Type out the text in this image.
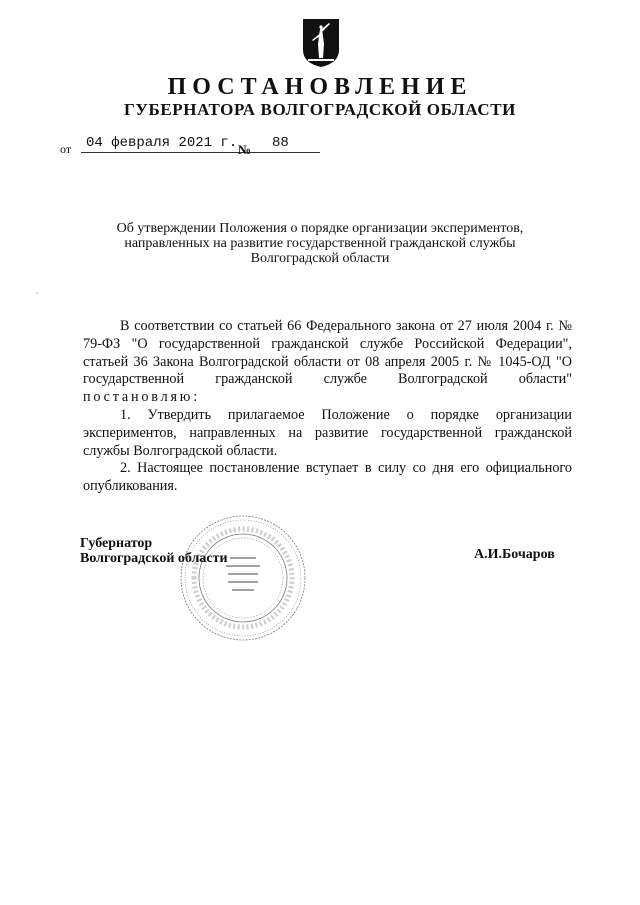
ПОСТАНОВЛЕНИЕ
ГУБЕРНАТОРА ВОЛГОГРАДСКОЙ ОБЛАСТИ
от 04 февраля 2021 г. № 88
Об утверждении Положения о порядке организации экспериментов,
направленных на развитие государственной гражданской службы
Волгоградской области

В соответствии со статьей 66 Федерального закона от 27 июля 2004 г. № 79-ФЗ "О государственной гражданской службе Российской Федерации", статьей 36 Закона Волгоградской области от 08 апреля 2005 г. № 1045-ОД "О государственной гражданской службе Волгоградской области" постановляю:

1. Утвердить прилагаемое Положение о порядке организации экспериментов, направленных на развитие государственной гражданской службы Волгоградской области.

2. Настоящее постановление вступает в силу со дня его официального опубликования.

Губернатор
Волгоградской области	А.И.Бочаров
